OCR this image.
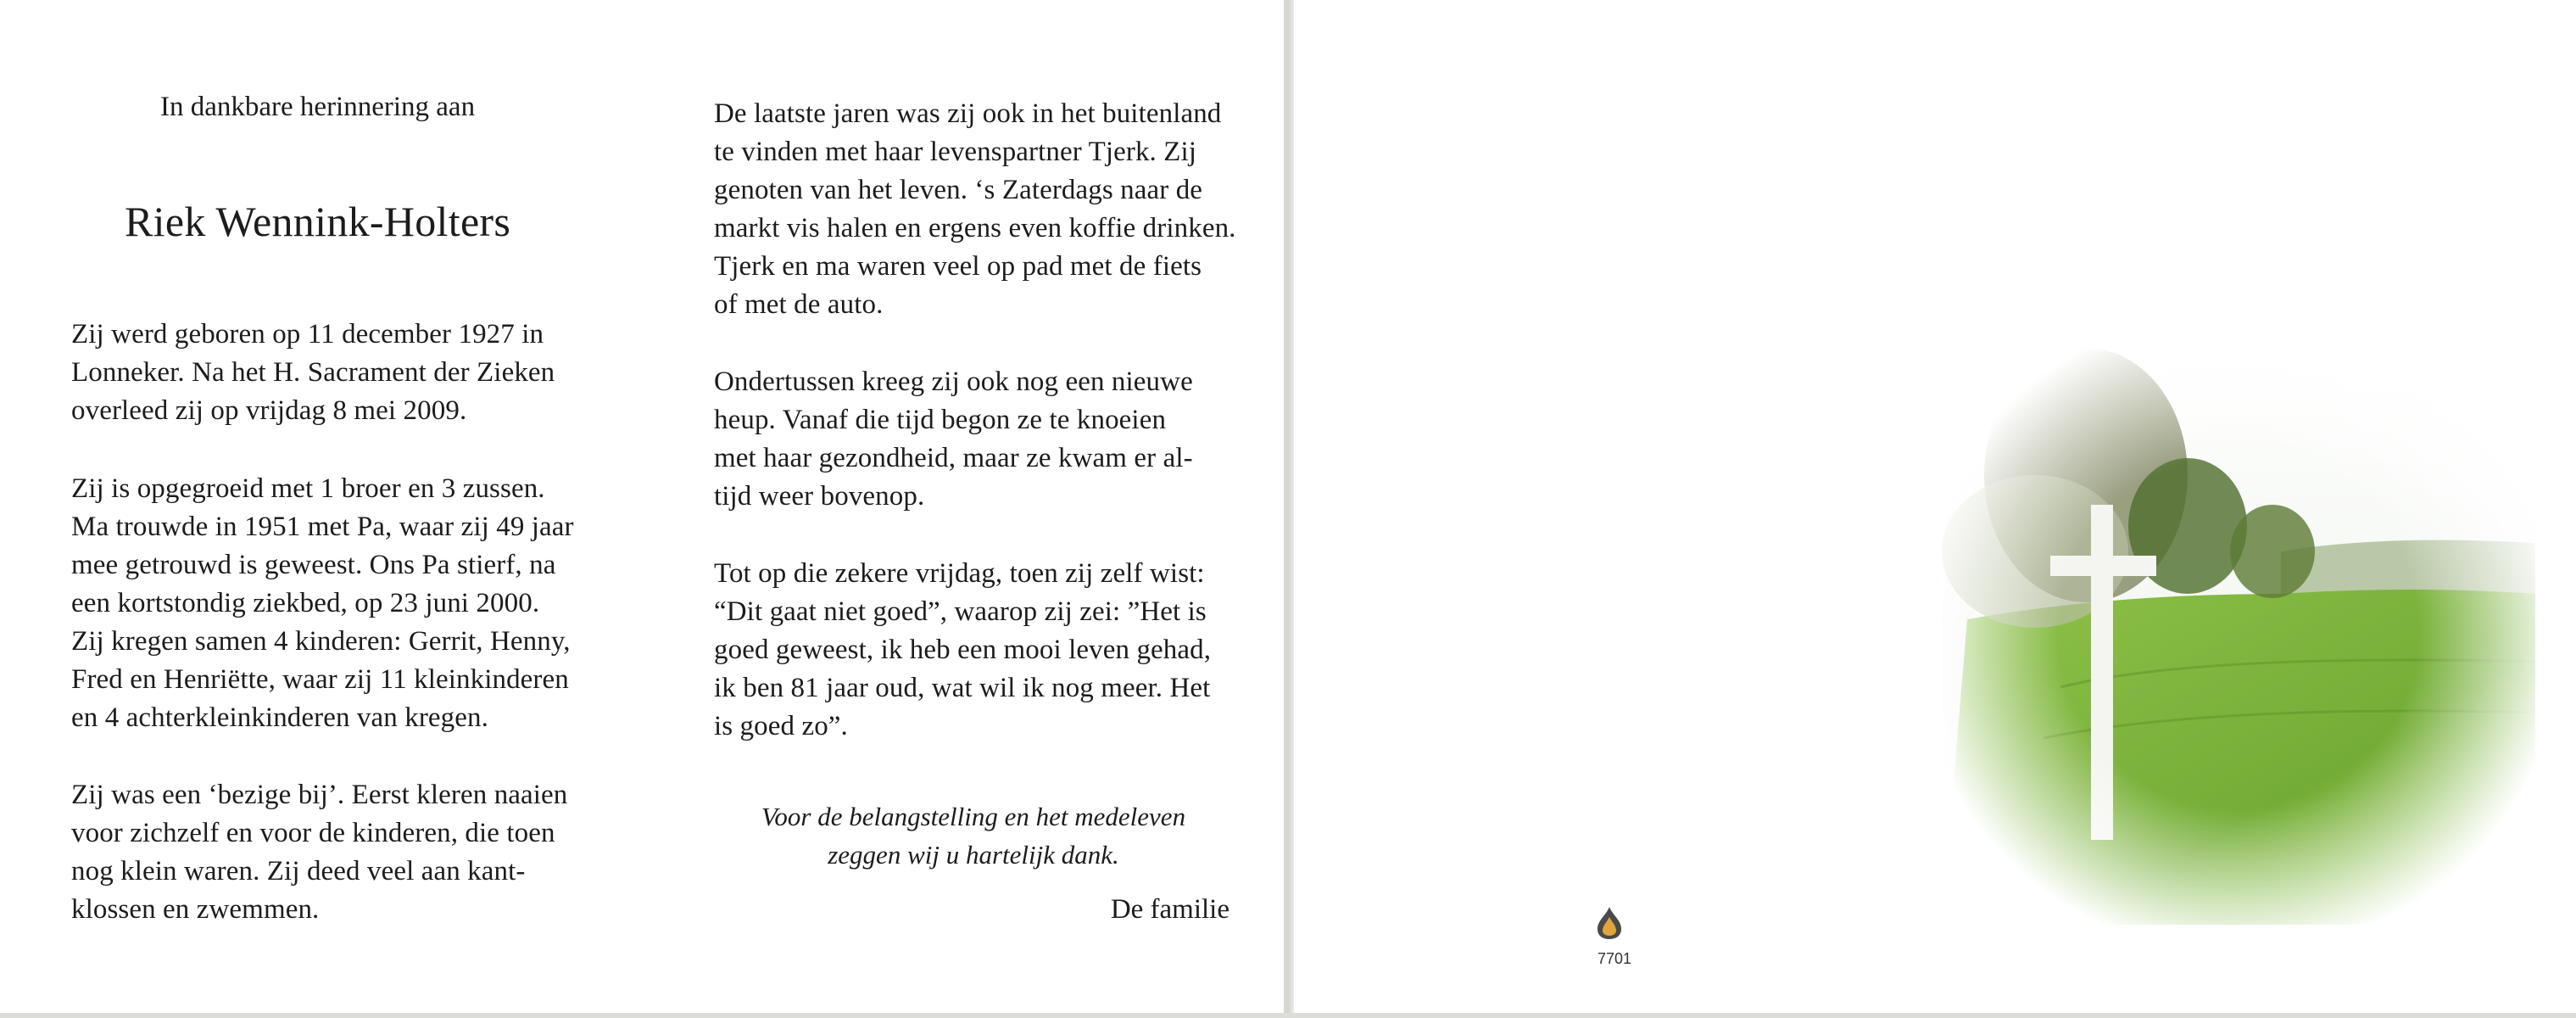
In dankbare herinnering aan
Riek Wennink-Holters

Zij werd geboren op 11 december 1927 in
Lonneker. Na het H. Sacrament der Zieken
overleed zij op vrijdag 8 mei 2009.

Zij is opgegroeid met 1 broer en 3 zussen.
Ma trouwde in 1951 met Pa, waar zij 49 jaar
mee getrouwd is geweest. Ons Pa stierf, na
een kortstondig ziekbed, op 23 juni 2000.
Zij kregen samen 4 kinderen: Gerrit, Henny,
Fred en Henriëtte, waar zij 11 kleinkinderen
en 4 achterkleinkinderen van kregen.

Zij was een ‘bezige bij’. Eerst kleren naaien
voor zichzelf en voor de kinderen, die toen
nog klein waren. Zij deed veel aan kant-
klossen en zwemmen.

De laatste jaren was zij ook in het buitenland
te vinden met haar levenspartner Tjerk. Zij
genoten van het leven. ‘s Zaterdags naar de
markt vis halen en ergens even koffie drinken.
Tjerk en ma waren veel op pad met de fiets
of met de auto.

Ondertussen kreeg zij ook nog een nieuwe
heup. Vanaf die tijd begon ze te knoeien
met haar gezondheid, maar ze kwam er al-
tijd weer bovenop.

Tot op die zekere vrijdag, toen zij zelf wist:
“Dit gaat niet goed”, waarop zij zei: ”Het is
goed geweest, ik heb een mooi leven gehad,
ik ben 81 jaar oud, wat wil ik nog meer. Het
is goed zo”.

Voor de belangstelling en het medeleven
zeggen wij u hartelijk dank.
De familie
7701
